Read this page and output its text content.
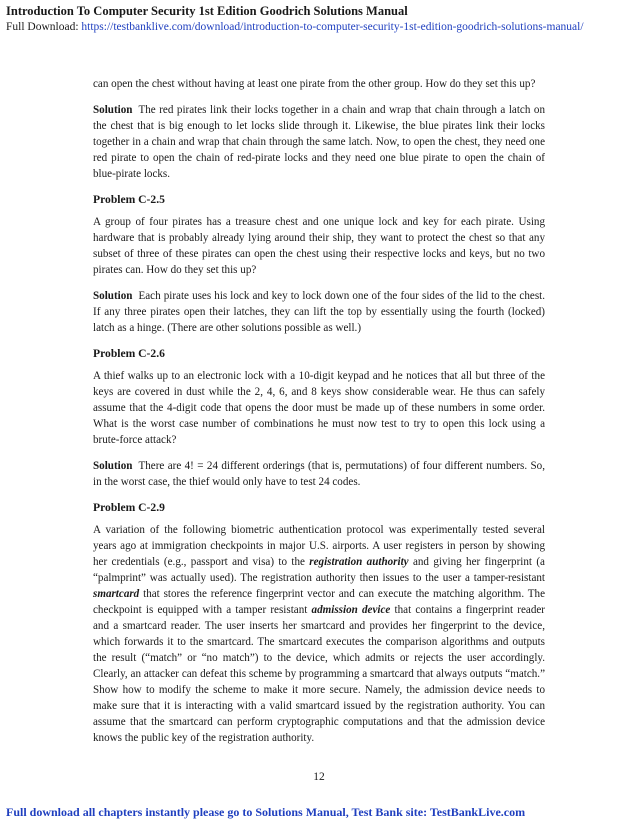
Introduction To Computer Security 1st Edition Goodrich Solutions Manual
Full Download: https://testbanklive.com/download/introduction-to-computer-security-1st-edition-goodrich-solutions-manual/

can open the chest without having at least one pirate from the other group. How do they set this up?

Solution The red pirates link their locks together in a chain and wrap that chain through a latch on the chest that is big enough to let locks slide through it. Likewise, the blue pirates link their locks together in a chain and wrap that chain through the same latch. Now, to open the chest, they need one red pirate to open the chain of red-pirate locks and they need one blue pirate to open the chain of blue-pirate locks.

Problem C-2.5

A group of four pirates has a treasure chest and one unique lock and key for each pirate. Using hardware that is probably already lying around their ship, they want to protect the chest so that any subset of three of these pirates can open the chest using their respective locks and keys, but no two pirates can. How do they set this up?

Solution Each pirate uses his lock and key to lock down one of the four sides of the lid to the chest. If any three pirates open their latches, they can lift the top by essentially using the fourth (locked) latch as a hinge. (There are other solutions possible as well.)

Problem C-2.6

A thief walks up to an electronic lock with a 10-digit keypad and he notices that all but three of the keys are covered in dust while the 2, 4, 6, and 8 keys show considerable wear. He thus can safely assume that the 4-digit code that opens the door must be made up of these numbers in some order. What is the worst case number of combinations he must now test to try to open this lock using a brute-force attack?

Solution There are 4! = 24 different orderings (that is, permutations) of four different numbers. So, in the worst case, the thief would only have to test 24 codes.

Problem C-2.9

A variation of the following biometric authentication protocol was experimentally tested several years ago at immigration checkpoints in major U.S. airports. A user registers in person by showing her credentials (e.g., passport and visa) to the registration authority and giving her fingerprint (a “palmprint” was actually used). The registration authority then issues to the user a tamper-resistant smartcard that stores the reference fingerprint vector and can execute the matching algorithm. The checkpoint is equipped with a tamper resistant admission device that contains a fingerprint reader and a smartcard reader. The user inserts her smartcard and provides her fingerprint to the device, which forwards it to the smartcard. The smartcard executes the comparison algorithms and outputs the result (“match” or “no match”) to the device, which admits or rejects the user accordingly. Clearly, an attacker can defeat this scheme by programming a smartcard that always outputs “match.” Show how to modify the scheme to make it more secure. Namely, the admission device needs to make sure that it is interacting with a valid smartcard issued by the registration authority. You can assume that the smartcard can perform cryptographic computations and that the admission device knows the public key of the registration authority.

12
Full download all chapters instantly please go to Solutions Manual, Test Bank site: TestBankLive.com
